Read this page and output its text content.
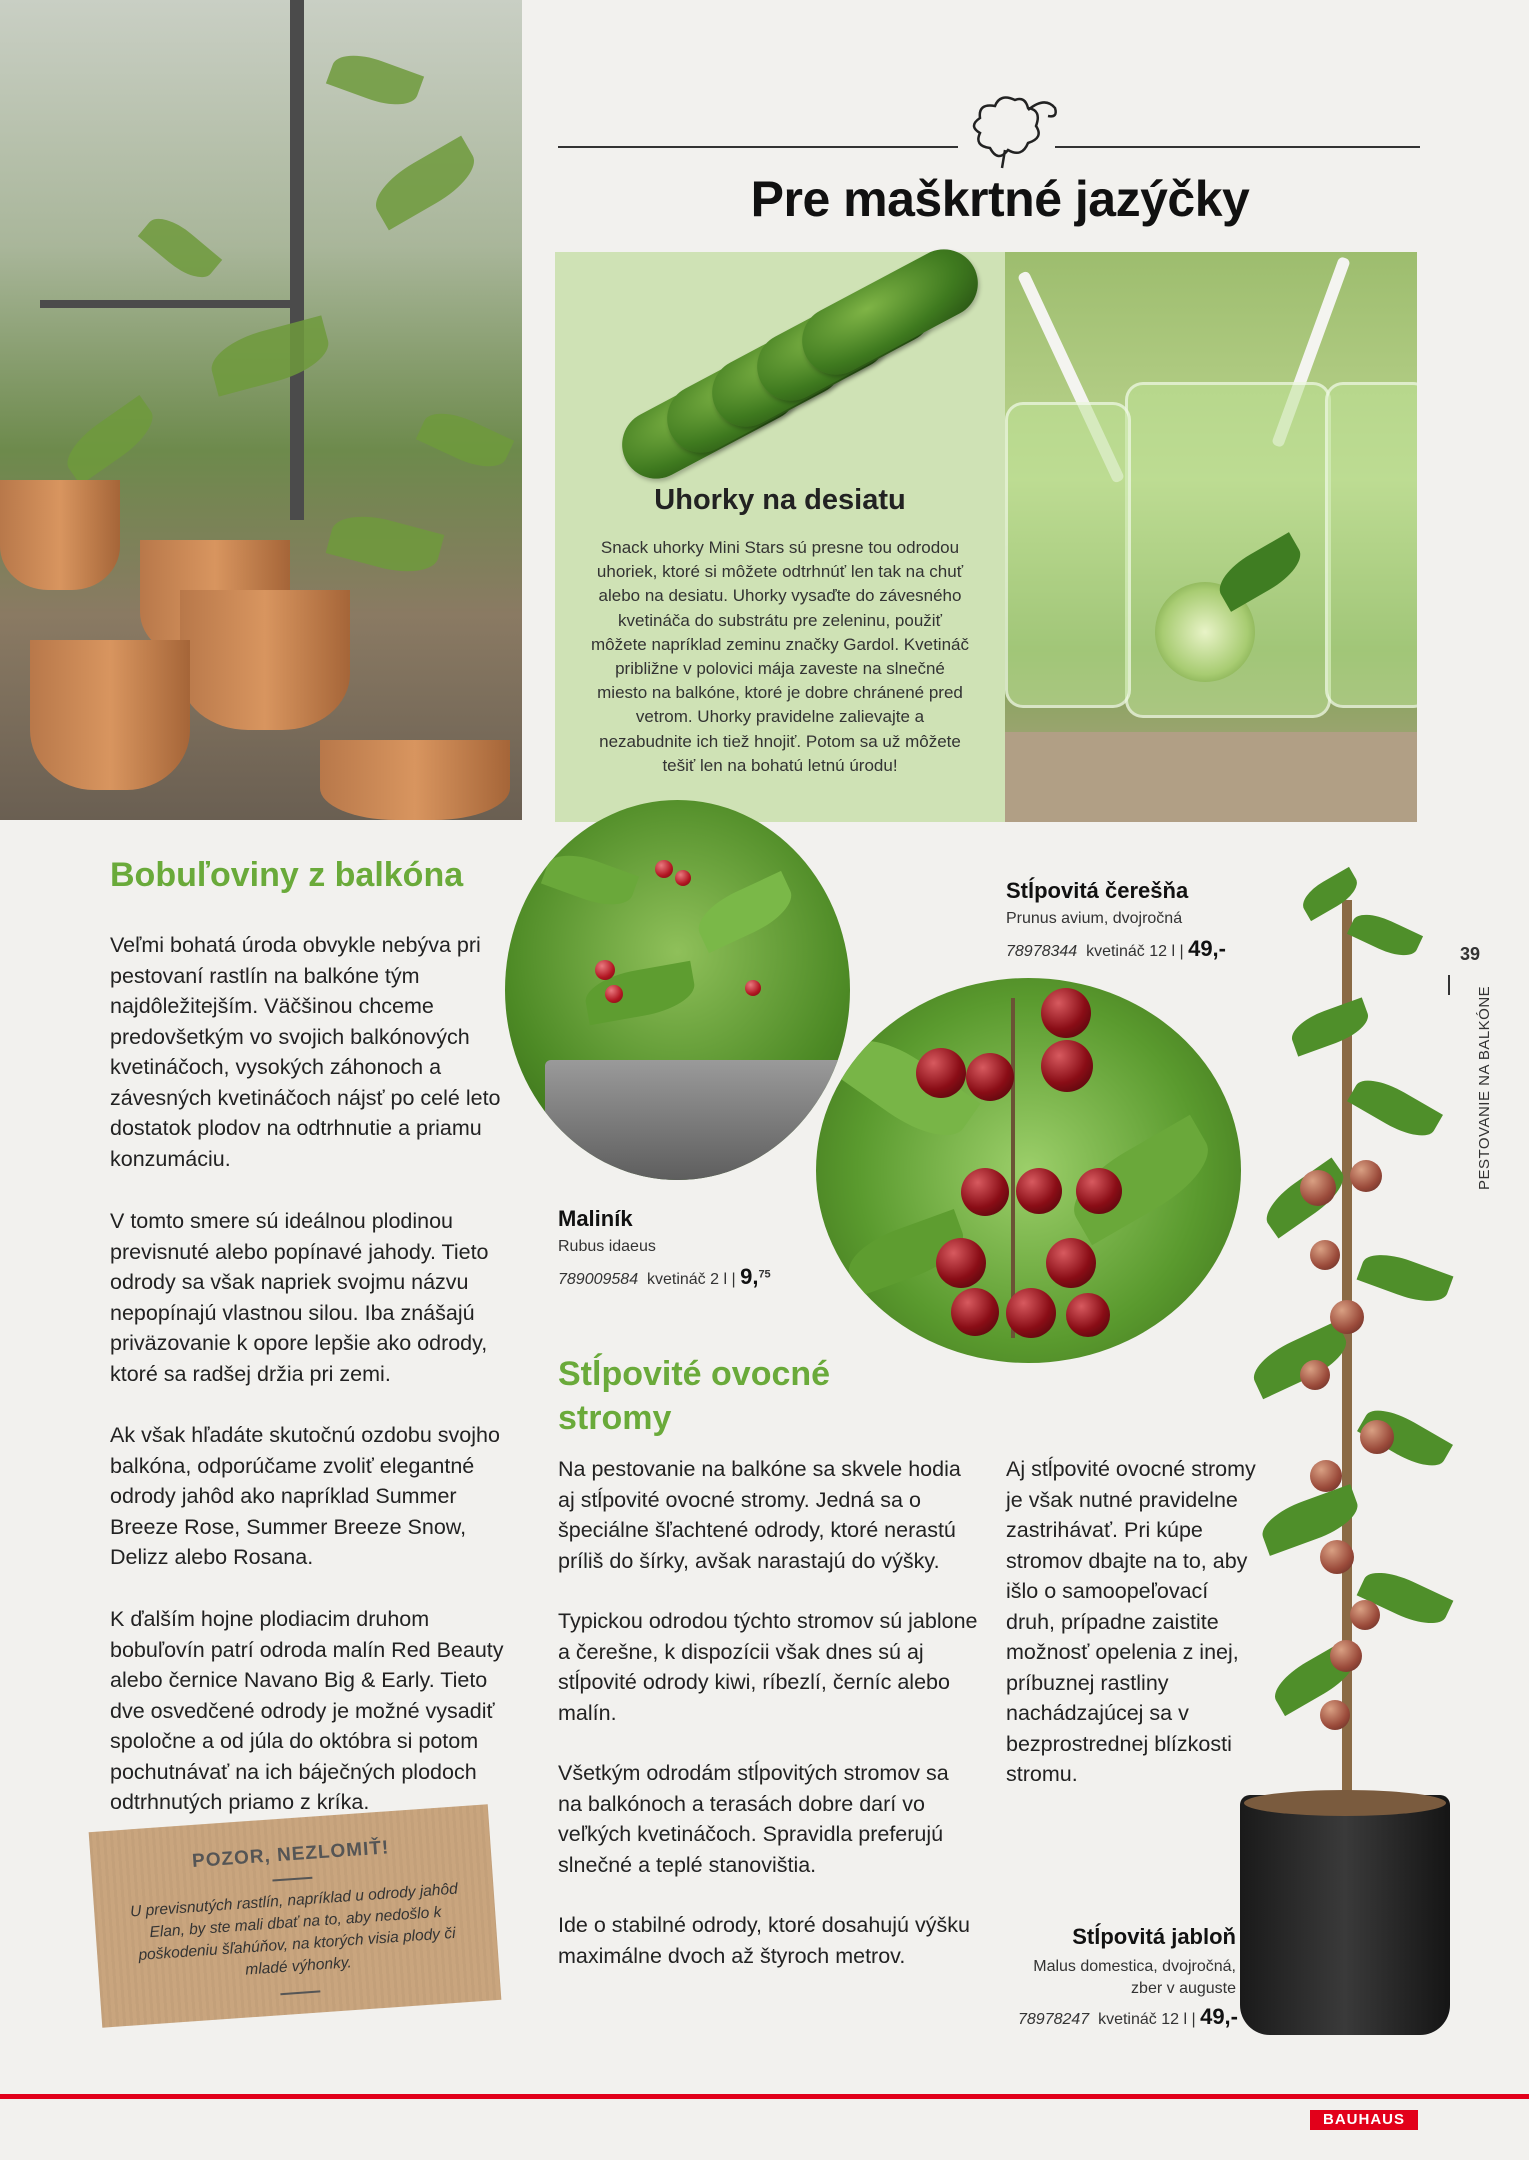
Pre maškrtné jazýčky
Uhorky na desiatu
Snack uhorky Mini Stars sú presne tou odrodou uhoriek, ktoré si môžete odtrhnúť len tak na chuť alebo na desiatu. Uhorky vysaďte do závesného kvetináča do substrátu pre zeleninu, použiť môžete napríklad zeminu značky Gardol. Kvetináč približne v polovici mája zaveste na slnečné miesto na balkóne, ktoré je dobre chránené pred vetrom. Uhorky pravidelne zalievajte a nezabudnite ich tiež hnojiť. Potom sa už môžete tešiť len na bohatú letnú úrodu!
Bobuľoviny z balkóna
Veľmi bohatá úroda obvykle nebýva pri pestovaní rastlín na balkóne tým najdôležitejším. Väčšinou chceme predovšetkým vo svojich balkónových kvetináčoch, vysokých záhonoch a závesných kvetináčoch nájsť po celé leto dostatok plodov na odtrhnutie a priamu konzumáciu.
V tomto smere sú ideálnou plodinou previsnuté alebo popínavé jahody. Tieto odrody sa však napriek svojmu názvu nepopínajú vlastnou silou. Iba znášajú priväzovanie k opore lepšie ako odrody, ktoré sa radšej držia pri zemi.
Ak však hľadáte skutočnú ozdobu svojho balkóna, odporúčame zvoliť elegantné odrody jahôd ako napríklad Summer Breeze Rose, Summer Breeze Snow, Delizz alebo Rosana.
K ďalším hojne plodiacim druhom bobuľovín patrí odroda malín Red Beauty alebo černice Navano Big & Early. Tieto dve osvedčené odrody je možné vysadiť spoločne a od júla do októbra si potom pochutnávať na ich báječných plodoch odtrhnutých priamo z kríka.
POZOR, NEZLOMIŤ!
U previsnutých rastlín, napríklad u odrody jahôd Elan, by ste mali dbať na to, aby nedošlo k poškodeniu šľahúňov, na ktorých visia plody či mladé výhonky.
Maliník
Rubus idaeus
789009584 kvetináč 2 l | 9,75
Stĺpovitá čerešňa
Prunus avium, dvojročná
78978344 kvetináč 12 l | 49,-
Stĺpovité ovocné
stromy
Na pestovanie na balkóne sa skvele hodia aj stĺpovité ovocné stromy. Jedná sa o špeciálne šľachtené odrody, ktoré nerastú príliš do šírky, avšak narastajú do výšky.
Typickou odrodou týchto stromov sú jablone a čerešne, k dispozícii však dnes sú aj stĺpovité odrody kiwi, ríbezlí, černíc alebo malín.
Všetkým odrodám stĺpovitých stromov sa na balkónoch a terasách dobre darí vo veľkých kvetináčoch. Spravidla preferujú slnečné a teplé stanovištia.
Ide o stabilné odrody, ktoré dosahujú výšku maximálne dvoch až štyroch metrov.
Aj stĺpovité ovocné stromy je však nutné pravidelne zastrihávať. Pri kúpe stromov dbajte na to, aby išlo o samoopeľovací druh, prípadne zaistite možnosť opelenia z inej, príbuznej rastliny nachádzajúcej sa v bezprostrednej blízkosti stromu.
Stĺpovitá jabloň
Malus domestica, dvojročná,
zber v auguste
78978247 kvetináč 12 l | 49,-
39
PESTOVANIE NA BALKÓNE
BAUHAUS
